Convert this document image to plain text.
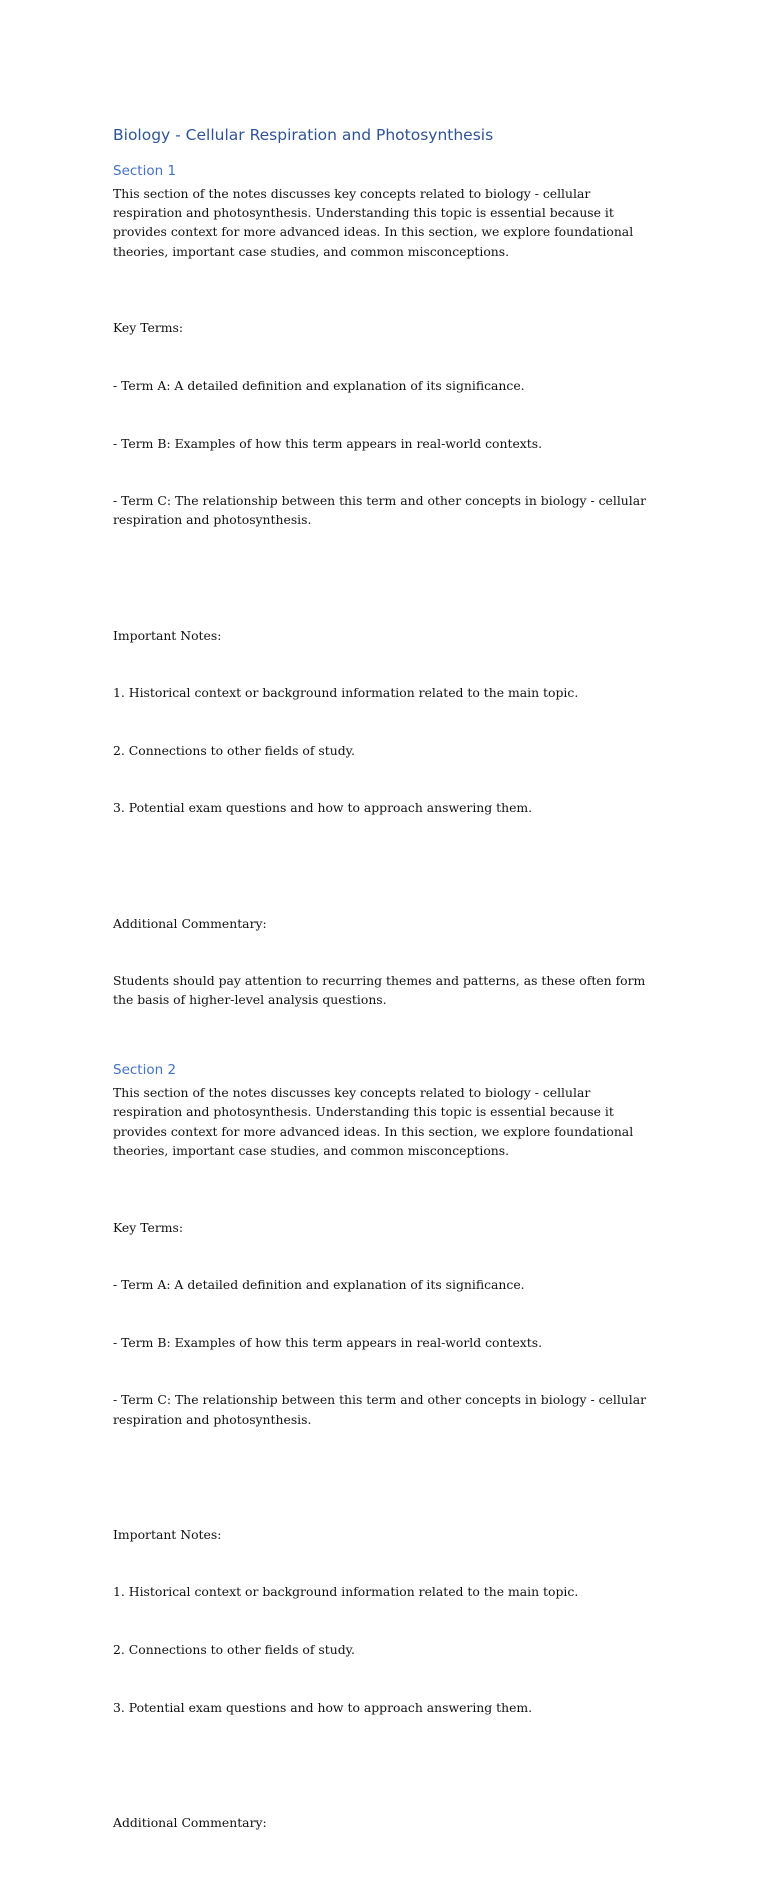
Biology - Cellular Respiration and Photosynthesis
Section 1
This section of the notes discusses key concepts related to biology - cellular respiration and photosynthesis. Understanding this topic is essential because it provides context for more advanced ideas. In this section, we explore foundational theories, important case studies, and common misconceptions.

Key Terms:

- Term A: A detailed definition and explanation of its significance.

- Term B: Examples of how this term appears in real-world contexts.

- Term C: The relationship between this term and other concepts in biology - cellular respiration and photosynthesis.

Important Notes:

1. Historical context or background information related to the main topic.

2. Connections to other fields of study.

3. Potential exam questions and how to approach answering them.

Additional Commentary:

Students should pay attention to recurring themes and patterns, as these often form the basis of higher-level analysis questions.

Section 2
This section of the notes discusses key concepts related to biology - cellular respiration and photosynthesis. Understanding this topic is essential because it provides context for more advanced ideas. In this section, we explore foundational theories, important case studies, and common misconceptions.

Key Terms:

- Term A: A detailed definition and explanation of its significance.

- Term B: Examples of how this term appears in real-world contexts.

- Term C: The relationship between this term and other concepts in biology - cellular respiration and photosynthesis.

Important Notes:

1. Historical context or background information related to the main topic.

2. Connections to other fields of study.

3. Potential exam questions and how to approach answering them.

Additional Commentary:
